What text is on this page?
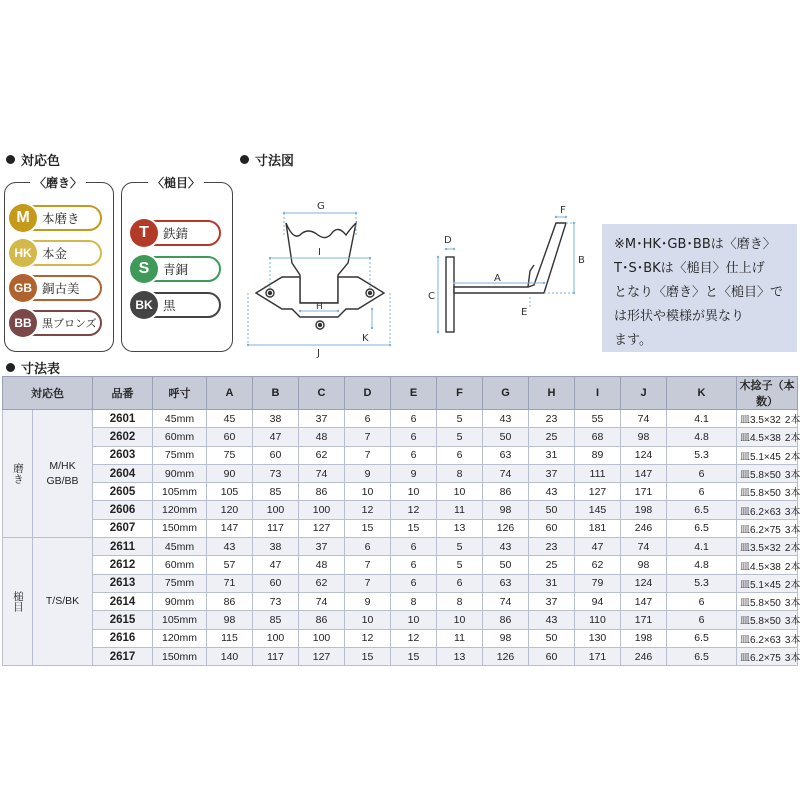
対応色	寸法図
寸法表
〈磨き〉	〈槌目〉
M 本磨き
HK 本金
GB 銅古美
BB 黒ブロンズ
T	鉄錆
S	青銅
BK 黒
G
I
H
K
J
D
C
A
E
F
B
※M･HK･GB･BBは〈磨き〉
T･S･BKは〈槌目〉仕上げ
となり〈磨き〉と〈槌目〉で
は形状や模様が異なり
ます。
対応色		品番	呼寸	A	B	C	D	E	F	G	H	I	J	K	木捻子（本数）

磨き	M/HK
GB/BB	2601	45mm	45	38	37	6	6	5	43	23	55	74	4.1	皿3.5×32 2本
		2602	60mm	60	47	48	7	6	5	50	25	68	98	4.8	皿4.5×38 2本
		2603	75mm	75	60	62	7	6	6	63	31	89	124	5.3	皿5.1×45 2本
		2604	90mm	90	73	74	9	9	8	74	37	111	147	6	皿5.8×50 3本
		2605	105mm	105	85	86	10	10	10	86	43	127	171	6	皿5.8×50 3本
		2606	120mm	120	100	100	12	12	11	98	50	145	198	6.5	皿6.2×63 3本
		2607	150mm	147	117	127	15	15	13	126	60	181	246	6.5	皿6.2×75 3本

槌目	T/S/BK	2611	45mm	43	38	37	6	6	5	43	23	47	74	4.1	皿3.5×32 2本
		2612	60mm	57	47	48	7	6	5	50	25	62	98	4.8	皿4.5×38 2本
		2613	75mm	71	60	62	7	6	6	63	31	79	124	5.3	皿5.1×45 2本
		2614	90mm	86	73	74	9	8	8	74	37	94	147	6	皿5.8×50 3本
		2615	105mm	98	85	86	10	10	10	86	43	110	171	6	皿5.8×50 3本
		2616	120mm	115	100	100	12	12	11	98	50	130	198	6.5	皿6.2×63 3本
		2617	150mm	140	117	127	15	15	13	126	60	171	246	6.5	皿6.2×75 3本
